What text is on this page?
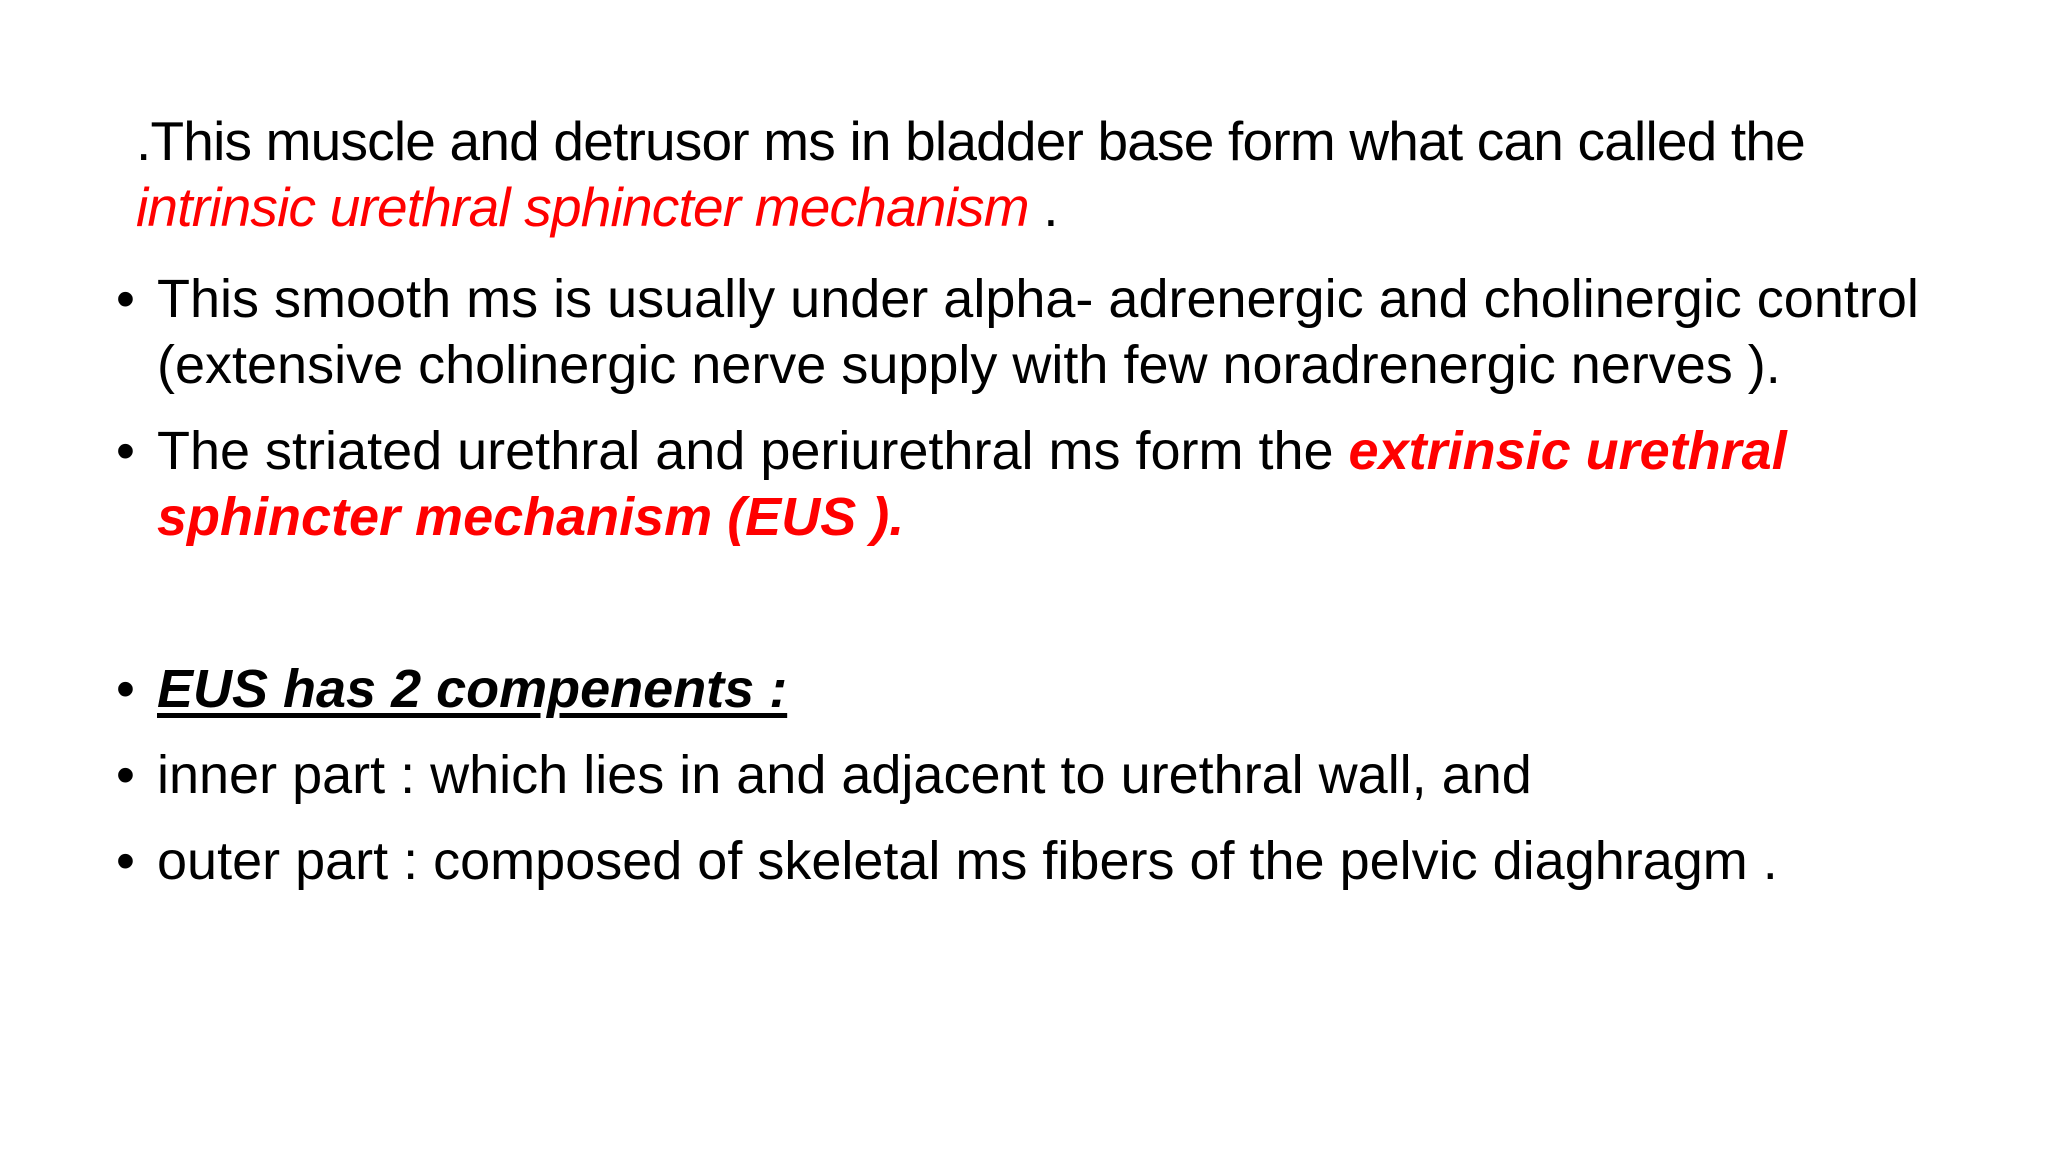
.This muscle and detrusor ms in bladder base form what can called the
intrinsic urethral sphincter mechanism .
• This smooth ms is usually under alpha- adrenergic and cholinergic control (extensive cholinergic nerve supply with few noradrenergic nerves ).
• The striated urethral and periurethral ms form the extrinsic urethral sphincter mechanism (EUS ).
• EUS has 2 compenents :
• inner part : which lies in and adjacent to urethral wall, and
• outer part : composed of skeletal ms fibers of the pelvic diaghragm .
